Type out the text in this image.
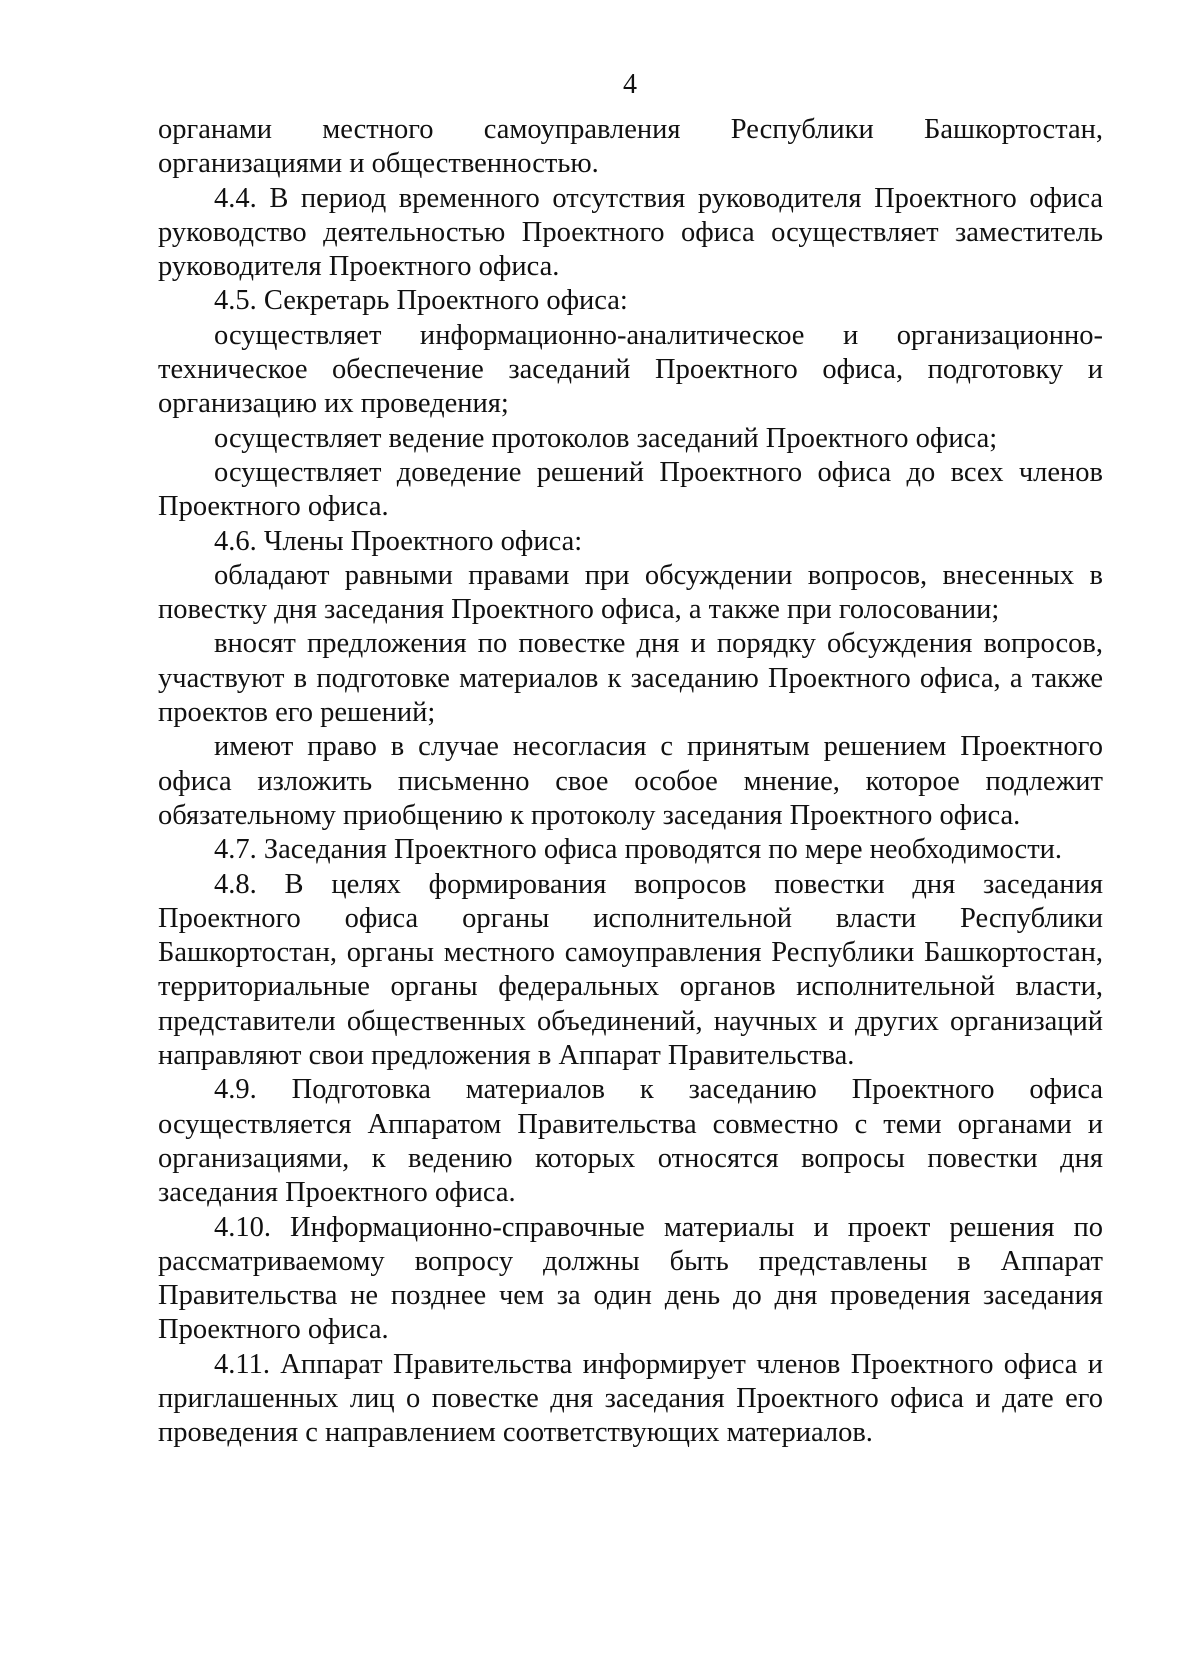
4

органами местного самоуправления Республики Башкортостан, организациями и общественностью.

4.4. В период временного отсутствия руководителя Проектного офиса руководство деятельностью Проектного офиса осуществляет заместитель руководителя Проектного офиса.

4.5. Секретарь Проектного офиса:

осуществляет информационно-аналитическое и организационно-техническое обеспечение заседаний Проектного офиса, подготовку и организацию их проведения;

осуществляет ведение протоколов заседаний Проектного офиса;

осуществляет доведение решений Проектного офиса до всех членов Проектного офиса.

4.6. Члены Проектного офиса:

обладают равными правами при обсуждении вопросов, внесенных в повестку дня заседания Проектного офиса, а также при голосовании;

вносят предложения по повестке дня и порядку обсуждения вопросов, участвуют в подготовке материалов к заседанию Проектного офиса, а также проектов его решений;

имеют право в случае несогласия с принятым решением Проектного офиса изложить письменно свое особое мнение, которое подлежит обязательному приобщению к протоколу заседания Проектного офиса.

4.7. Заседания Проектного офиса проводятся по мере необходимости.

4.8. В целях формирования вопросов повестки дня заседания Проектного офиса органы исполнительной власти Республики Башкортостан, органы местного самоуправления Республики Башкортостан, территориальные органы федеральных органов исполнительной власти, представители общественных объединений, научных и других организаций направляют свои предложения в Аппарат Правительства.

4.9. Подготовка материалов к заседанию Проектного офиса осуществляется Аппаратом Правительства совместно с теми органами и организациями, к ведению которых относятся вопросы повестки дня заседания Проектного офиса.

4.10. Информационно-справочные материалы и проект решения по рассматриваемому вопросу должны быть представлены в Аппарат Правительства не позднее чем за один день до дня проведения заседания Проектного офиса.

4.11. Аппарат Правительства информирует членов Проектного офиса и приглашенных лиц о повестке дня заседания Проектного офиса и дате его проведения с направлением соответствующих материалов.
